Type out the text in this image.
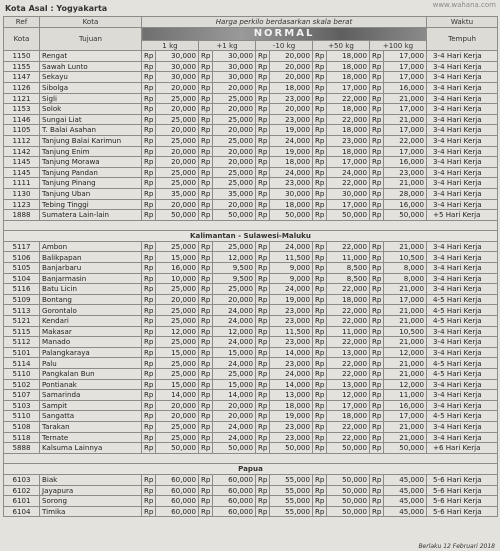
Kota Asal : Yogyakarta	www.wahana.com
Ref	Kota	Harga perkilo berdasarkan skala berat										Waktu
Kota	Tujuan	NORMAL										Tempuh
		1 kg		+1 kg		-10 kg		+50 kg		+100 kg		
1150	Rengat	Rp	30,000	Rp	30,000	Rp	20,000	Rp	18,000	Rp	17,000	3-4 Hari Kerja
1155	Sawah Lunto	Rp	30,000	Rp	30,000	Rp	20,000	Rp	18,000	Rp	17,000	3-4 Hari Kerja
1147	Sekayu	Rp	30,000	Rp	30,000	Rp	20,000	Rp	18,000	Rp	17,000	3-4 Hari Kerja
1126	Sibolga	Rp	20,000	Rp	20,000	Rp	18,000	Rp	17,000	Rp	16,000	3-4 Hari Kerja
1121	Sigli	Rp	25,000	Rp	25,000	Rp	23,000	Rp	22,000	Rp	21,000	3-4 Hari Kerja
1153	Solok	Rp	20,000	Rp	20,000	Rp	20,000	Rp	18,000	Rp	17,000	3-4 Hari Kerja
1146	Sungai Liat	Rp	25,000	Rp	25,000	Rp	23,000	Rp	22,000	Rp	21,000	3-4 Hari Kerja
1105	T. Balai Asahan	Rp	20,000	Rp	20,000	Rp	19,000	Rp	18,000	Rp	17,000	3-4 Hari Kerja
1112	Tanjung Balai Karimun	Rp	25,000	Rp	25,000	Rp	24,000	Rp	23,000	Rp	22,000	3-4 Hari Kerja
1142	Tanjung Enim	Rp	20,000	Rp	20,000	Rp	19,000	Rp	18,000	Rp	17,000	3-4 Hari Kerja
1145	Tanjung Morawa	Rp	20,000	Rp	20,000	Rp	18,000	Rp	17,000	Rp	16,000	3-4 Hari Kerja
1145	Tanjung Pandan	Rp	25,000	Rp	25,000	Rp	24,000	Rp	24,000	Rp	23,000	3-4 Hari Kerja
1111	Tanjung Pinang	Rp	25,000	Rp	25,000	Rp	23,000	Rp	22,000	Rp	21,000	3-4 Hari Kerja
1130	Tanjung Uban	Rp	35,000	Rp	35,000	Rp	30,000	Rp	30,000	Rp	28,000	3-4 Hari Kerja
1123	Tebing Tinggi	Rp	20,000	Rp	20,000	Rp	18,000	Rp	17,000	Rp	16,000	3-4 Hari Kerja
1888	Sumatera Lain-lain	Rp	50,000	Rp	50,000	Rp	50,000	Rp	50,000	Rp	50,000	+5 Hari Kerja

Kalimantan - Sulawesi-Maluku												
5117	Ambon	Rp	25,000	Rp	25,000	Rp	24,000	Rp	22,000	Rp	21,000	3-4 Hari Kerja
5106	Balikpapan	Rp	15,000	Rp	12,000	Rp	11,500	Rp	11,000	Rp	10,500	3-4 Hari Kerja
5105	Banjarbaru	Rp	16,000	Rp	9,500	Rp	9,000	Rp	8,500	Rp	8,000	3-4 Hari Kerja
5104	Banjarmasin	Rp	10,000	Rp	9,500	Rp	9,000	Rp	8,500	Rp	8,000	3-4 Hari Kerja
5116	Batu Licin	Rp	25,000	Rp	25,000	Rp	24,000	Rp	22,000	Rp	21,000	3-4 Hari Kerja
5109	Bontang	Rp	20,000	Rp	20,000	Rp	19,000	Rp	18,000	Rp	17,000	4-5 Hari Kerja
5113	Gorontalo	Rp	25,000	Rp	24,000	Rp	23,000	Rp	22,000	Rp	21,000	4-5 Hari Kerja
5121	Kendari	Rp	25,000	Rp	24,000	Rp	23,000	Rp	22,000	Rp	21,000	4-5 Hari Kerja
5115	Makasar	Rp	12,000	Rp	12,000	Rp	11,500	Rp	11,000	Rp	10,500	3-4 Hari Kerja
5112	Manado	Rp	25,000	Rp	24,000	Rp	23,000	Rp	22,000	Rp	21,000	3-4 Hari Kerja
5101	Palangkaraya	Rp	15,000	Rp	15,000	Rp	14,000	Rp	13,000	Rp	12,000	3-4 Hari Kerja
5114	Palu	Rp	25,000	Rp	24,000	Rp	23,000	Rp	22,000	Rp	21,000	4-5 Hari Kerja
5110	Pangkalan Bun	Rp	25,000	Rp	25,000	Rp	24,000	Rp	22,000	Rp	21,000	4-5 Hari Kerja
5102	Pontianak	Rp	15,000	Rp	15,000	Rp	14,000	Rp	13,000	Rp	12,000	3-4 Hari Kerja
5107	Samarinda	Rp	14,000	Rp	14,000	Rp	13,000	Rp	12,000	Rp	11,000	3-4 Hari Kerja
5103	Sampit	Rp	20,000	Rp	20,000	Rp	18,000	Rp	17,000	Rp	16,000	3-4 Hari Kerja
5110	Sangatta	Rp	20,000	Rp	20,000	Rp	19,000	Rp	18,000	Rp	17,000	4-5 Hari Kerja
5108	Tarakan	Rp	25,000	Rp	24,000	Rp	23,000	Rp	22,000	Rp	21,000	3-4 Hari Kerja
5118	Ternate	Rp	25,000	Rp	24,000	Rp	23,000	Rp	22,000	Rp	21,000	3-4 Hari Kerja
5888	Kalsuma Lainnya	Rp	50,000	Rp	50,000	Rp	50,000	Rp	50,000	Rp	50,000	+6 Hari Kerja

Papua												
6103	Biak	Rp	60,000	Rp	60,000	Rp	55,000	Rp	50,000	Rp	45,000	5-6 Hari Kerja
6102	Jayapura	Rp	60,000	Rp	60,000	Rp	55,000	Rp	50,000	Rp	45,000	5-6 Hari Kerja
6101	Sorong	Rp	60,000	Rp	60,000	Rp	55,000	Rp	50,000	Rp	45,000	5-6 Hari Kerja
6104	Timika	Rp	60,000	Rp	60,000	Rp	55,000	Rp	50,000	Rp	45,000	5-6 Hari Kerja
Berlaku 12 Februari 2018
